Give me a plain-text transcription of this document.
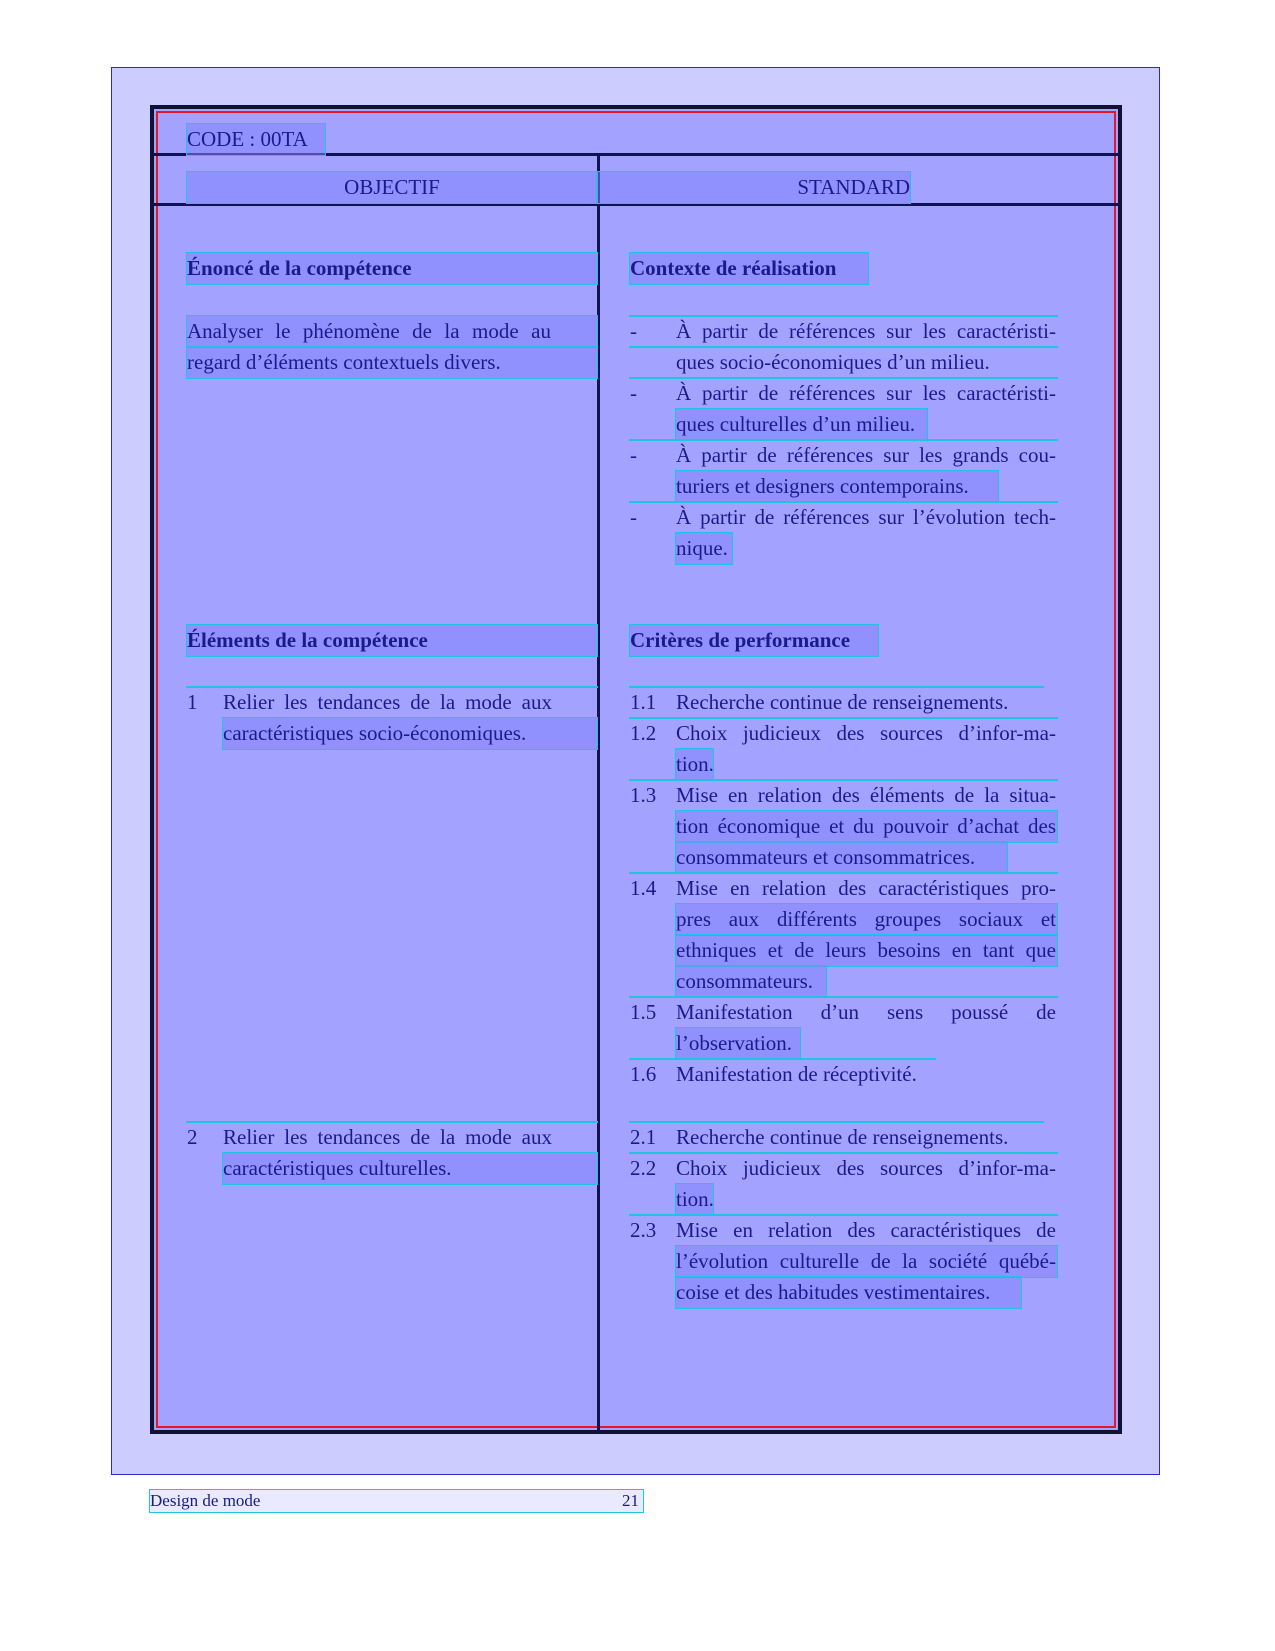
CODE : 00TA
OBJECTIF	STANDARD
Énoncé de la compétence
Analyser le phénomène de la mode au
regard d’éléments contextuels divers.
Contexte de réalisation
- À partir de références sur les caractéristi-
ques socio-économiques d’un milieu.
- À partir de références sur les caractéristi-
ques culturelles d’un milieu.
- À partir de références sur les grands cou-
turiers et designers contemporains.
- À partir de références sur l’évolution tech-
nique.
Éléments de la compétence
1 Relier les tendances de la mode aux
caractéristiques socio-économiques.
2 Relier les tendances de la mode aux
caractéristiques culturelles.
Critères de performance
1.1 Recherche continue de renseignements.
1.2 Choix judicieux des sources d’infor-ma-
tion.
1.3 Mise en relation des éléments de la situa-
tion économique et du pouvoir d’achat des
consommateurs et consommatrices.
1.4 Mise en relation des caractéristiques pro-
pres aux différents groupes sociaux et
ethniques et de leurs besoins en tant que
consommateurs.
1.5 Manifestation d’un sens poussé de
l’observation.
1.6 Manifestation de réceptivité.
2.1 Recherche continue de renseignements.
2.2 Choix judicieux des sources d’infor-ma-
tion.
2.3 Mise en relation des caractéristiques de
l’évolution culturelle de la société québé-
coise et des habitudes vestimentaires.
Design de mode	21
